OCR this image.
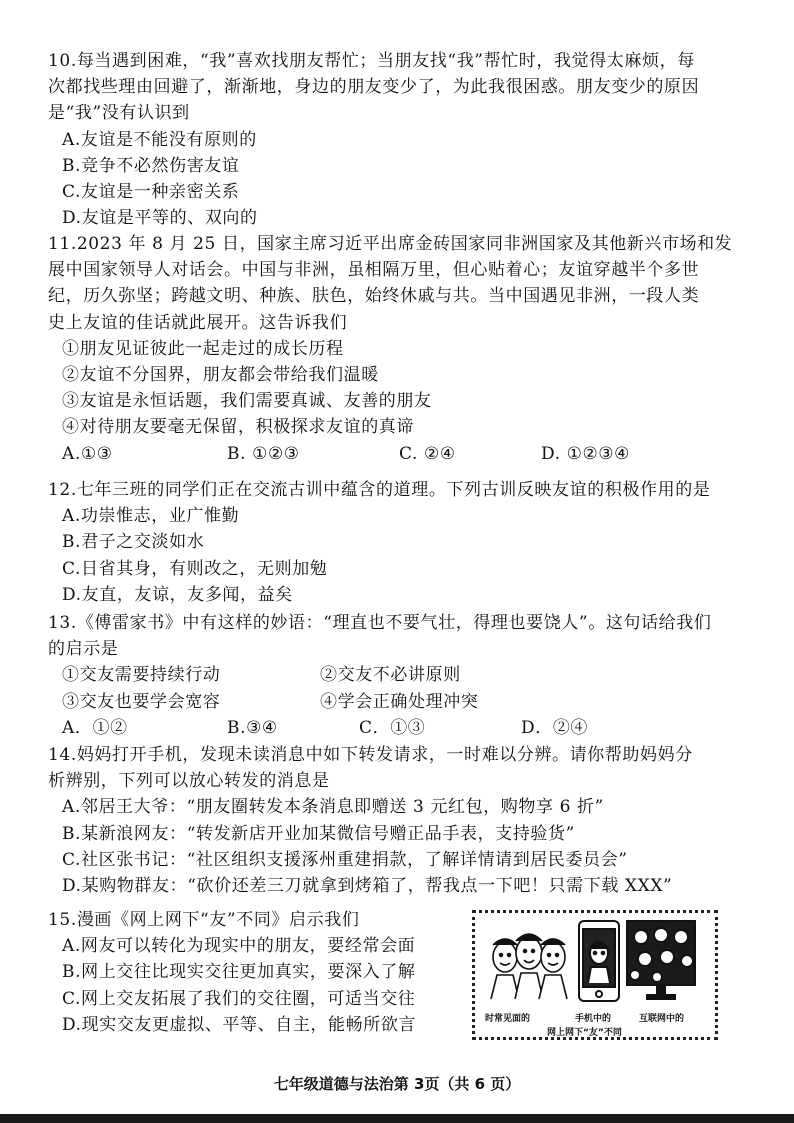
10.每当遇到困难，“我”喜欢找朋友帮忙；当朋友找“我”帮忙时，我觉得太麻烦，每
次都找些理由回避了，渐渐地，身边的朋友变少了，为此我很困惑。朋友变少的原因
是“我”没有认识到
A.友谊是不能没有原则的
B.竞争不必然伤害友谊
C.友谊是一种亲密关系
D.友谊是平等的、双向的
11.2023 年 8 月 25 日，国家主席习近平出席金砖国家同非洲国家及其他新兴市场和发
展中国家领导人对话会。中国与非洲，虽相隔万里，但心贴着心；友谊穿越半个多世
纪，历久弥坚；跨越文明、种族、肤色，始终休戚与共。当中国遇见非洲，一段人类
史上友谊的佳话就此展开。这告诉我们
①朋友见证彼此一起走过的成长历程
②友谊不分国界，朋友都会带给我们温暖
③友谊是永恒话题，我们需要真诚、友善的朋友
④对待朋友要毫无保留，积极探求友谊的真谛
A.①③	B. ①②③	C. ②④	D. ①②③④
12.七年三班的同学们正在交流古训中蕴含的道理。下列古训反映友谊的积极作用的是
A.功崇惟志，业广惟勤
B.君子之交淡如水
C.日省其身，有则改之，无则加勉
D.友直，友谅，友多闻，益矣
13.《傅雷家书》中有这样的妙语：“理直也不要气壮，得理也要饶人”。这句话给我们
的启示是
①交友需要持续行动	②交友不必讲原则
③交友也要学会宽容	④学会正确处理冲突
A．①②	B.③④	C．①③	D．②④
14.妈妈打开手机，发现未读消息中如下转发请求，一时难以分辨。请你帮助妈妈分
析辨别，下列可以放心转发的消息是
A.邻居王大爷：“朋友圈转发本条消息即赠送 3 元红包，购物享 6 折”
B.某新浪网友：“转发新店开业加某微信号赠正品手表，支持验货”
C.社区张书记：“社区组织支援涿州重建捐款，了解详情请到居民委员会”
D.某购物群友：“砍价还差三刀就拿到烤箱了，帮我点一下吧！只需下载 XXX”
15.漫画《网上网下“友”不同》启示我们
A.网友可以转化为现实中的朋友，要经常会面
B.网上交往比现实交往更加真实，要深入了解
C.网上交友拓展了我们的交往圈，可适当交往
D.现实交友更虚拟、平等、自主，能畅所欲言	时常见面的	手机中的	互联网中的
网上网下“友”不同
七年级道德与法治第 3页（共 6 页）
